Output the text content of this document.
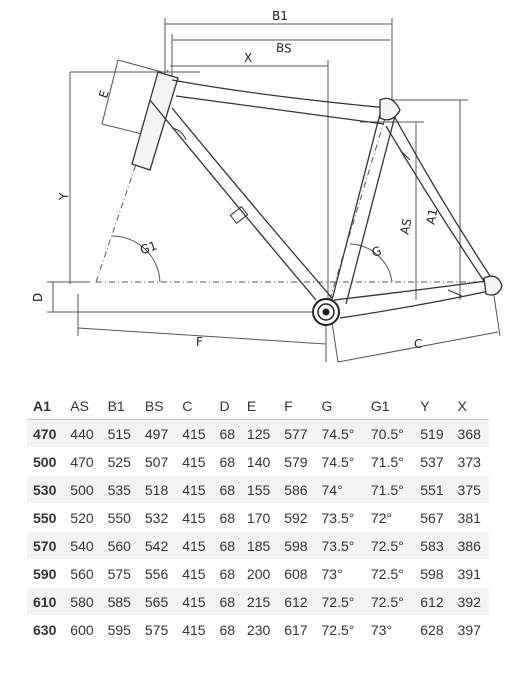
B1
BS
X
E
Y
D
G1	G
AS
A1
F	C
A1	AS	B1	BS	C	D	E	F	G	G1	Y	X
470	440	515	497	415	68	125	577	74.5°	70.5°	519	368
500	470	525	507	415	68	140	579	74.5°	71.5°	537	373
530	500	535	518	415	68	155	586	74°	71.5°	551	375
550	520	550	532	415	68	170	592	73.5°	72°	567	381
570	540	560	542	415	68	185	598	73.5°	72.5°	583	386
590	560	575	556	415	68	200	608	73°	72.5°	598	391
610	580	585	565	415	68	215	612	72.5°	72.5°	612	392
630	600	595	575	415	68	230	617	72.5°	73°	628	397
